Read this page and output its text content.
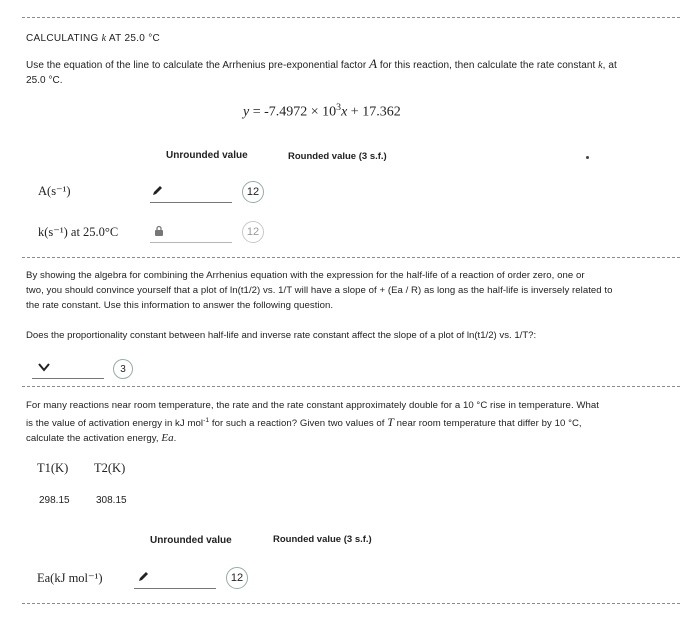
CALCULATING k AT 25.0 °C
Use the equation of the line to calculate the Arrhenius pre-exponential factor A for this reaction, then calculate the rate constant k, at
25.0 °C.
$y = -7.4972 \times 10^3x + 17.362$
Unrounded value	Rounded value (3 s.f.)
A(s⁻¹)	12
k(s⁻¹) at 25.0°C	12
By showing the algebra for combining the Arrhenius equation with the expression for the half-life of a reaction of order zero, one or
two, you should convince yourself that a plot of ln(t1/2) vs. 1/T will have a slope of + (Ea / R) as long as the half-life is inversely related to
the rate constant. Use this information to answer the following question.
Does the proportionality constant between half-life and inverse rate constant affect the slope of a plot of ln(t1/2) vs. 1/T?:
3
For many reactions near room temperature, the rate and the rate constant approximately double for a 10 °C rise in temperature. What
is the value of activation energy in kJ mol$^{-1}$ for such a reaction? Given two values of T near room temperature that differ by 10 °C,
calculate the activation energy, Ea.
T1(K) T2(K)
298.15	308.15
Unrounded value	Rounded value (3 s.f.)
Ea(kJ mol⁻¹)	12
